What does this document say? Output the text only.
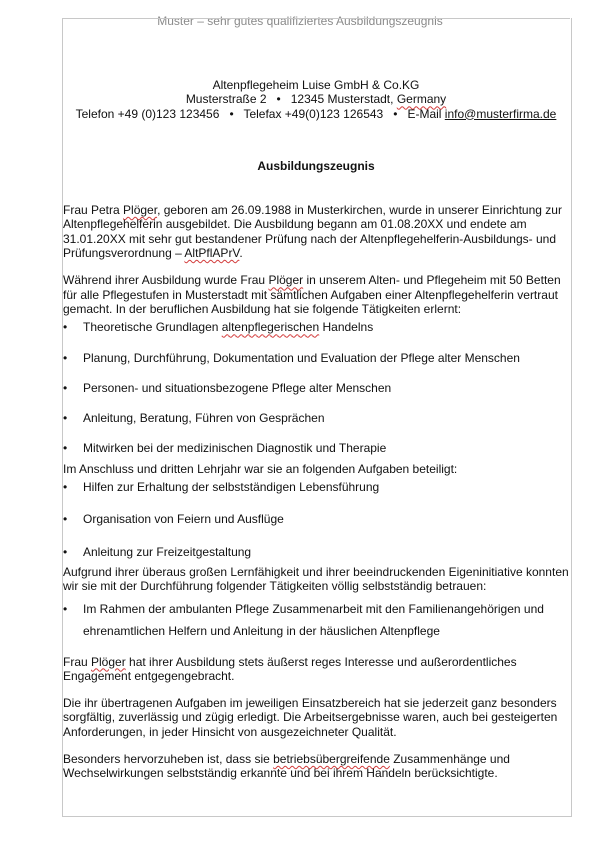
Muster – sehr gutes qualifiziertes Ausbildungszeugnis
Altenpflegeheim Luise GmbH & Co.KG
Musterstraße 2 • 12345 Musterstadt, Germany
Telefon +49 (0)123 123456 • Telefax +49(0)123 126543 • E-Mail info@musterfirma.de
Ausbildungszeugnis

Frau Petra Plöger, geboren am 26.09.1988 in Musterkirchen, wurde in unserer Einrichtung zur Altenpflegehelferin ausgebildet. Die Ausbildung begann am 01.08.20XX und endete am 31.01.20XX mit sehr gut bestandener Prüfung nach der Altenpflegehelferin-Ausbildungs- und Prüfungsverordnung – AltPflAPrV.

Während ihrer Ausbildung wurde Frau Plöger in unserem Alten- und Pflegeheim mit 50 Betten für alle Pflegestufen in Musterstadt mit sämtlichen Aufgaben einer Altenpflegehelferin vertraut gemacht. In der beruflichen Ausbildung hat sie folgende Tätigkeiten erlernt:

• Theoretische Grundlagen altenpflegerischen Handelns
• Planung, Durchführung, Dokumentation und Evaluation der Pflege alter Menschen
• Personen- und situationsbezogene Pflege alter Menschen
• Anleitung, Beratung, Führen von Gesprächen
• Mitwirken bei der medizinischen Diagnostik und Therapie

Im Anschluss und dritten Lehrjahr war sie an folgenden Aufgaben beteiligt:

• Hilfen zur Erhaltung der selbstständigen Lebensführung
• Organisation von Feiern und Ausflüge
• Anleitung zur Freizeitgestaltung

Aufgrund ihrer überaus großen Lernfähigkeit und ihrer beeindruckenden Eigeninitiative konnten wir sie mit der Durchführung folgender Tätigkeiten völlig selbstständig betrauen:

• Im Rahmen der ambulanten Pflege Zusammenarbeit mit den Familienangehörigen und ehrenamtlichen Helfern und Anleitung in der häuslichen Altenpflege

Frau Plöger hat ihrer Ausbildung stets äußerst reges Interesse und außerordentliches Engagement entgegengebracht.

Die ihr übertragenen Aufgaben im jeweiligen Einsatzbereich hat sie jederzeit ganz besonders sorgfältig, zuverlässig und zügig erledigt. Die Arbeitsergebnisse waren, auch bei gesteigerten Anforderungen, in jeder Hinsicht von ausgezeichneter Qualität.

Besonders hervorzuheben ist, dass sie betriebsübergreifende Zusammenhänge und Wechselwirkungen selbstständig erkannte und bei ihrem Handeln berücksichtigte.
